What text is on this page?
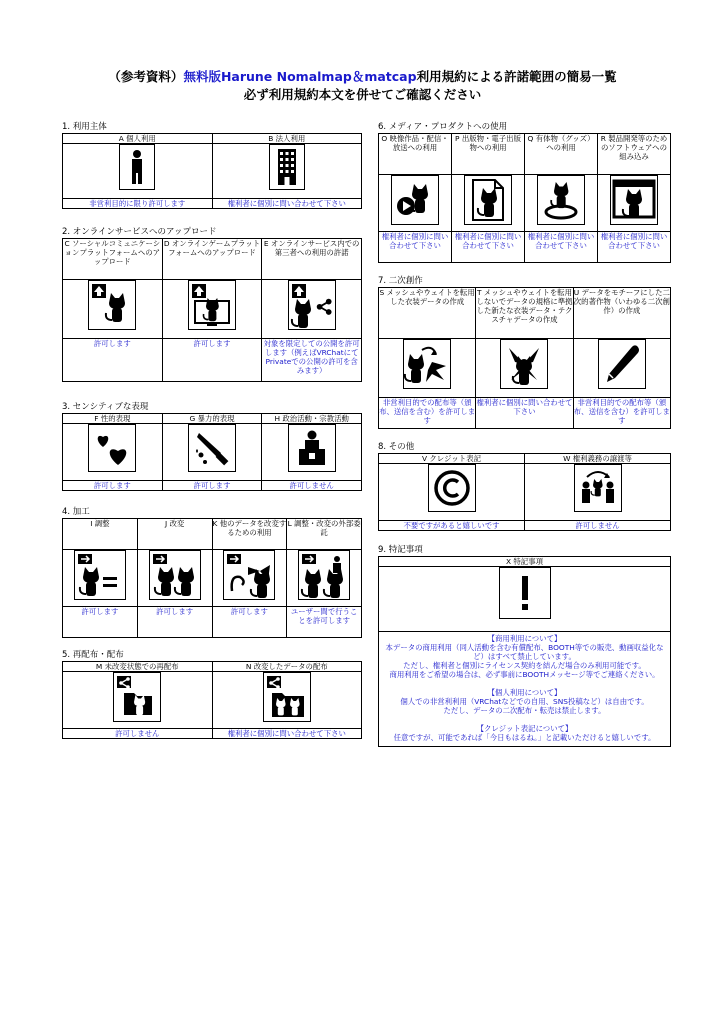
（参考資料）無料版Harune Nomalmap＆matcap利用規約による許諾範囲の簡易一覧
必ず利用規約本文を併せてご確認ください
1. 利用主体
A 個人利用	B 法人利用

非営利目的に限り許可します	権利者に個別に問い合わせて下さい
2. オンラインサービスへのアップロード
C ソーシャルコミュニケーションプラットフォームへのアップロード	D オンラインゲームプラットフォームへのアップロード	E オンラインサービス内での第三者への利用の許諾

許可します	許可します	対象を限定しての公開を許可します（例えばVRChatにてPrivateでの公開の許可を含みます）
3. センシティブな表現
F 性的表現	G 暴力的表現	H 政治活動・宗教活動

許可します	許可します	許可しません
4. 加工
I 調整	J 改変	K 他のデータを改変するための利用	L 調整・改変の外部委託

許可します	許可します	許可します	ユーザー間で行うことを許可します
5. 再配布・配布
M 未改変状態での再配布	N 改変したデータの配布

許可しません	権利者に個別に問い合わせて下さい
6. メディア・プロダクトへの使用
O 映像作品・配信・放送への利用	P 出版物・電子出版物への利用	Q 有体物（グッズ）への利用	R 製品開発等のためのソフトウェアへの組み込み

権利者に個別に問い合わせて下さい	権利者に個別に問い合わせて下さい	権利者に個別に問い合わせて下さい	権利者に個別に問い合わせて下さい
7. 二次創作
S メッシュやウェイトを転用した衣装データの作成	T メッシュやウェイトを転用しないでデータの規格に準拠した新たな衣装データ・テクスチャデータの作成	U データをモチーフにした二次的著作物（いわゆる二次創作）の作成

非営利目的での配布等（頒布、送信を含む）を許可します	権利者に個別に問い合わせて下さい	非営利目的での配布等（頒布、送信を含む）を許可します
8. その他
V クレジット表記	W 権利義務の譲渡等

不要ですがあると嬉しいです	許可しません
9. 特記事項
X 特記事項

【商用利用について】

本データの商用利用（同人活動を含む有償配布、BOOTH等での販売、動画収益化など）はすべて禁止しています。

ただし、権利者と個別にライセンス契約を結んだ場合のみ利用可能です。

商用利用をご希望の場合は、必ず事前にBOOTHメッセージ等でご連絡ください。

【個人利用について】

個人での非営利利用（VRChatなどでの自用、SNS投稿など）は自由です。

ただし、データの二次配布・転売は禁止します。

【クレジット表記について】

任意ですが、可能であれば「今日もはるね。」と記載いただけると嬉しいです。
